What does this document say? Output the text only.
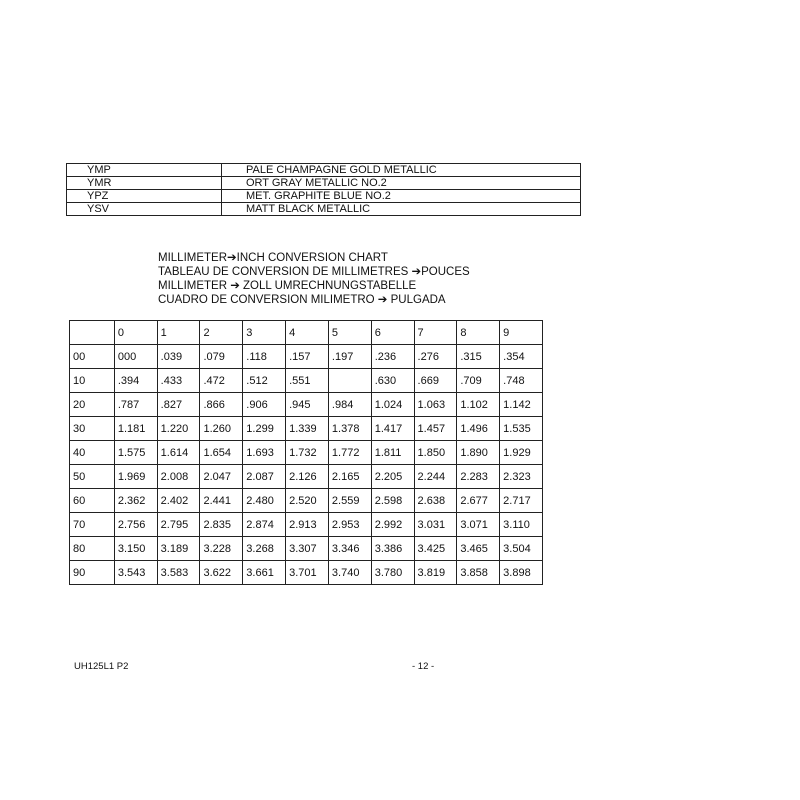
YMP	PALE CHAMPAGNE GOLD METALLIC
YMR	ORT GRAY METALLIC NO.2
YPZ	MET. GRAPHITE BLUE NO.2
YSV	MATT BLACK METALLIC
MILLIMETER➔INCH CONVERSION CHART
TABLEAU DE CONVERSION DE MILLIMETRES ➔POUCES
MILLIMETER ➔ ZOLL UMRECHNUNGSTABELLE
CUADRO DE CONVERSION MILIMETRO ➔ PULGADA
	0	1	2	3	4	5	6	7	8	9
00	000	.039	.079	.118	.157	.197	.236	.276	.315	.354
10	.394	.433	.472	.512	.551		.630	.669	.709	.748
20	.787	.827	.866	.906	.945	.984	1.024	1.063	1.102	1.142
30	1.181	1.220	1.260	1.299	1.339	1.378	1.417	1.457	1.496	1.535
40	1.575	1.614	1.654	1.693	1.732	1.772	1.811	1.850	1.890	1.929
50	1.969	2.008	2.047	2.087	2.126	2.165	2.205	2.244	2.283	2.323
60	2.362	2.402	2.441	2.480	2.520	2.559	2.598	2.638	2.677	2.717
70	2.756	2.795	2.835	2.874	2.913	2.953	2.992	3.031	3.071	3.110
80	3.150	3.189	3.228	3.268	3.307	3.346	3.386	3.425	3.465	3.504
90	3.543	3.583	3.622	3.661	3.701	3.740	3.780	3.819	3.858	3.898
UH125L1 P2	- 12 -
